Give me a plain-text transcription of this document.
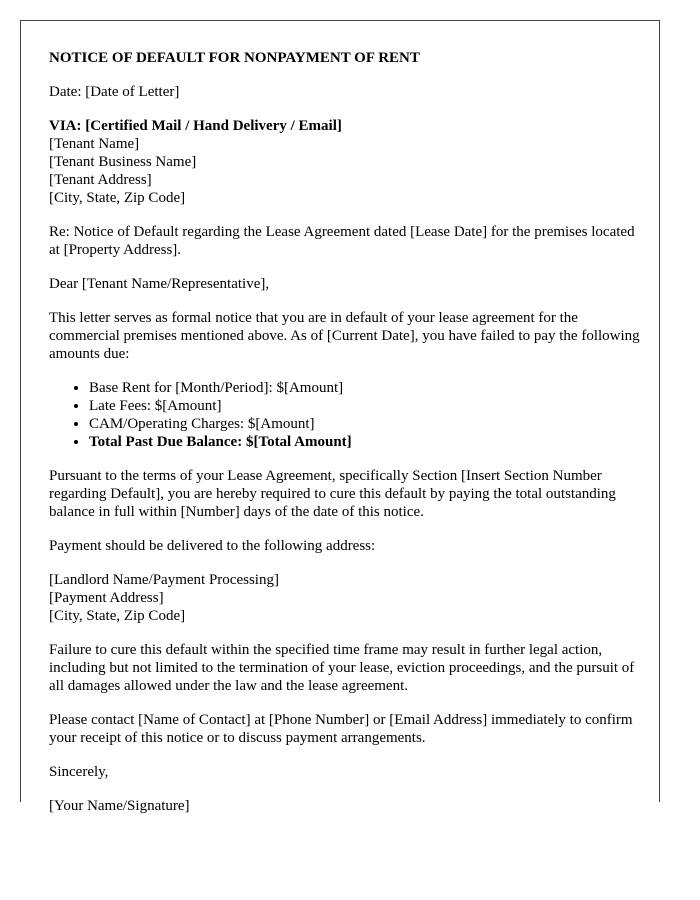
NOTICE OF DEFAULT FOR NONPAYMENT OF RENT

Date: [Date of Letter]

VIA: [Certified Mail / Hand Delivery / Email]
[Tenant Name]
[Tenant Business Name]
[Tenant Address]
[City, State, Zip Code]

Re: Notice of Default regarding the Lease Agreement dated [Lease Date] for the premises located at [Property Address].

Dear [Tenant Name/Representative],

This letter serves as formal notice that you are in default of your lease agreement for the commercial premises mentioned above. As of [Current Date], you have failed to pay the following amounts due:

• Base Rent for [Month/Period]: $[Amount]
• Late Fees: $[Amount]
• CAM/Operating Charges: $[Amount]
• Total Past Due Balance: $[Total Amount]

Pursuant to the terms of your Lease Agreement, specifically Section [Insert Section Number regarding Default], you are hereby required to cure this default by paying the total outstanding balance in full within [Number] days of the date of this notice.

Payment should be delivered to the following address:

[Landlord Name/Payment Processing]
[Payment Address]
[City, State, Zip Code]

Failure to cure this default within the specified time frame may result in further legal action, including but not limited to the termination of your lease, eviction proceedings, and the pursuit of all damages allowed under the law and the lease agreement.

Please contact [Name of Contact] at [Phone Number] or [Email Address] immediately to confirm your receipt of this notice or to discuss payment arrangements.

Sincerely,

[Your Name/Signature]
